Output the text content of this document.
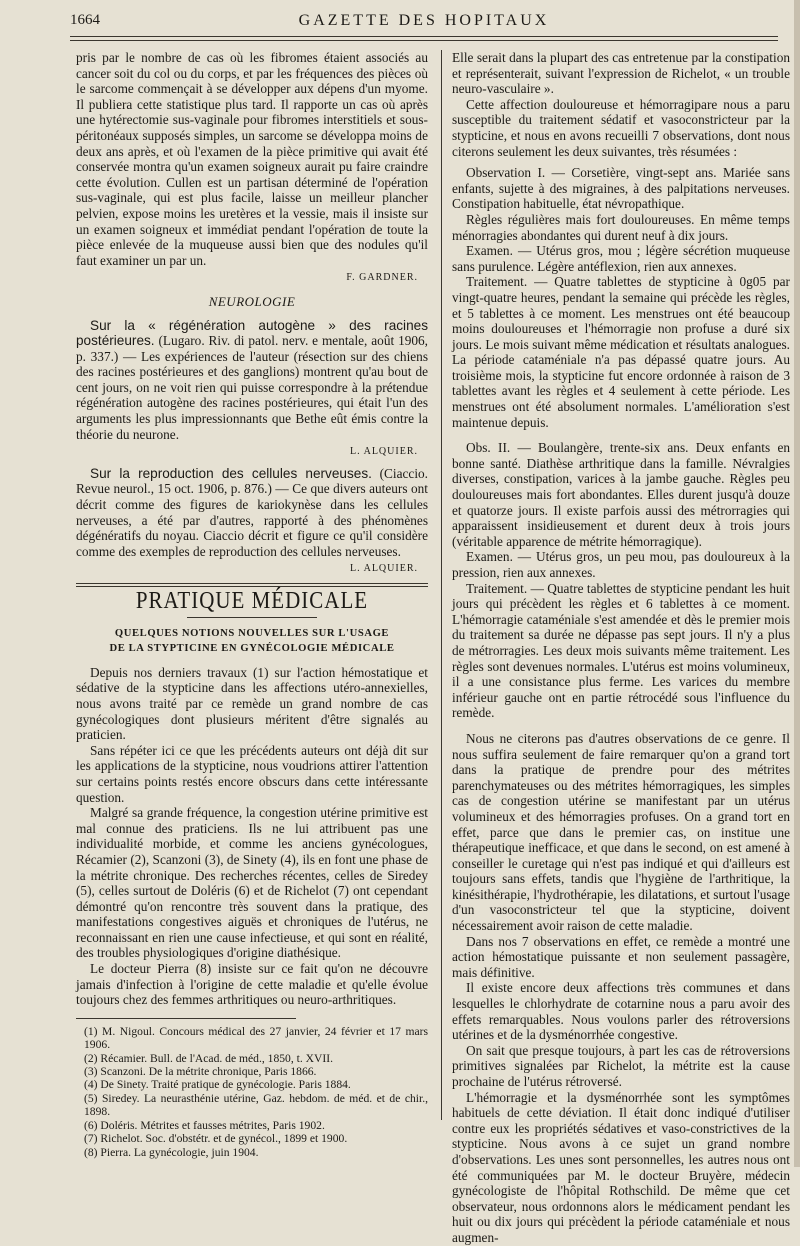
1664	GAZETTE DES HOPITAUX

pris par le nombre de cas où les fibromes étaient associés au cancer soit du col ou du corps, et par les fréquences des pièces où le sarcome commençait à se développer aux dépens d'un myome. Il publiera cette statistique plus tard. Il rapporte un cas où après une hytérectomie sus-vaginale pour fibromes interstitiels et sous-péritonéaux supposés simples, un sarcome se développa moins de deux ans après, et où l'examen de la pièce primitive qui avait été conservée montra qu'un examen soigneux aurait pu faire craindre cette évolution. Cullen est un partisan déterminé de l'opération sus-vaginale, qui est plus facile, laisse un meilleur plancher pelvien, expose moins les uretères et la vessie, mais il insiste sur un examen soigneux et immédiat pendant l'opération de toute la pièce enlevée de la muqueuse aussi bien que des nodules qu'il faut examiner un par un.

F. GARDNER.

NEUROLOGIE

Sur la « régénération autogène » des racines postérieures. (Lugaro. Riv. di patol. nerv. e mentale, août 1906, p. 337.) — Les expériences de l'auteur (résection sur des chiens des racines postérieures et des ganglions) montrent qu'au bout de cent jours, on ne voit rien qui puisse correspondre à la prétendue régénération autogène des racines postérieures, qui était l'un des arguments les plus impressionnants que Bethe eût émis contre la théorie du neurone.

L. ALQUIER.

Sur la reproduction des cellules nerveuses. (Ciaccio. Revue neurol., 15 oct. 1906, p. 876.) — Ce que divers auteurs ont décrit comme des figures de kariokynèse dans les cellules nerveuses, a été par d'autres, rapporté à des phénomènes dégénératifs du noyau. Ciaccio décrit et figure ce qu'il considère comme des exemples de reproduction des cellules nerveuses.

L. ALQUIER.

PRATIQUE MÉDICALE

QUELQUES NOTIONS NOUVELLES SUR L'USAGE

DE LA STYPTICINE EN GYNÉCOLOGIE MÉDICALE

Depuis nos derniers travaux (1) sur l'action hémostatique et sédative de la stypticine dans les affections utéro-annexielles, nous avons traité par ce remède un grand nombre de cas gynécologiques dont plusieurs méritent d'être signalés au praticien.

Sans répéter ici ce que les précédents auteurs ont déjà dit sur les applications de la stypticine, nous voudrions attirer l'attention sur certains points restés encore obscurs dans cette intéressante question.

Malgré sa grande fréquence, la congestion utérine primitive est mal connue des praticiens. Ils ne lui attribuent pas une individualité morbide, et comme les anciens gynécologues, Récamier (2), Scanzoni (3), de Sinety (4), ils en font une phase de la métrite chronique. Des recherches récentes, celles de Siredey (5), celles surtout de Doléris (6) et de Richelot (7) ont cependant démontré qu'on rencontre très souvent dans la pratique, des manifestations congestives aiguës et chroniques de l'utérus, ne reconnaissant en rien une cause infectieuse, et qui sont en réalité, des troubles physiologiques d'origine diathésique.

Le docteur Pierra (8) insiste sur ce fait qu'on ne découvre jamais d'infection à l'origine de cette maladie et qu'elle évolue toujours chez des femmes arthritiques ou neuro-arthritiques.

(1) M. Nigoul. Concours médical des 27 janvier, 24 février et 17 mars 1906.

(2) Récamier. Bull. de l'Acad. de méd., 1850, t. XVII.

(3) Scanzoni. De la métrite chronique, Paris 1866.

(4) De Sinety. Traité pratique de gynécologie. Paris 1884.

(5) Siredey. La neurasthénie utérine, Gaz. hebdom. de méd. et de chir., 1898.

(6) Doléris. Métrites et fausses métrites, Paris 1902.

(7) Richelot. Soc. d'obstétr. et de gynécol., 1899 et 1900.

(8) Pierra. La gynécologie, juin 1904.

Elle serait dans la plupart des cas entretenue par la constipation et représenterait, suivant l'expression de Richelot, « un trouble neuro-vasculaire ».

Cette affection douloureuse et hémorragipare nous a paru susceptible du traitement sédatif et vasoconstricteur par la stypticine, et nous en avons recueilli 7 observations, dont nous citerons seulement les deux suivantes, très résumées :

Observation I. — Corsetière, vingt-sept ans. Mariée sans enfants, sujette à des migraines, à des palpitations nerveuses. Constipation habituelle, état névropathique.

Règles régulières mais fort douloureuses. En même temps ménorragies abondantes qui durent neuf à dix jours.

Examen. — Utérus gros, mou ; légère sécrétion muqueuse sans purulence. Légère antéflexion, rien aux annexes.

Traitement. — Quatre tablettes de stypticine à 0g05 par vingt-quatre heures, pendant la semaine qui précède les règles, et 5 tablettes à ce moment. Les menstrues ont été beaucoup moins douloureuses et l'hémorragie non profuse a duré six jours. Le mois suivant même médication et résultats analogues. La période cataméniale n'a pas dépassé quatre jours. Au troisième mois, la stypticine fut encore ordonnée à raison de 3 tablettes avant les règles et 4 seulement à cette période. Les menstrues ont été absolument normales. L'amélioration s'est maintenue depuis.

Obs. II. — Boulangère, trente-six ans. Deux enfants en bonne santé. Diathèse arthritique dans la famille. Névralgies diverses, constipation, varices à la jambe gauche. Règles peu douloureuses mais fort abondantes. Elles durent jusqu'à douze et quatorze jours. Il existe parfois aussi des métrorragies qui apparaissent insidieusement et durent deux à trois jours (véritable apparence de métrite hémorragique).

Examen. — Utérus gros, un peu mou, pas douloureux à la pression, rien aux annexes.

Traitement. — Quatre tablettes de stypticine pendant les huit jours qui précèdent les règles et 6 tablettes à ce moment. L'hémorragie cataméniale s'est amendée et dès le premier mois du traitement sa durée ne dépasse pas sept jours. Il n'y a plus de métrorragies. Les deux mois suivants même traitement. Les règles sont devenues normales. L'utérus est moins volumineux, il a une consistance plus ferme. Les varices du membre inférieur gauche ont en partie rétrocédé sous l'influence du remède.

Nous ne citerons pas d'autres observations de ce genre. Il nous suffira seulement de faire remarquer qu'on a grand tort dans la pratique de prendre pour des métrites parenchymateuses ou des métrites hémorragiques, les simples cas de congestion utérine se manifestant par un utérus volumineux et des hémorragies profuses. On a grand tort en effet, parce que dans le premier cas, on institue une thérapeutique inefficace, et que dans le second, on est amené à conseiller le curetage qui n'est pas indiqué et qui d'ailleurs est toujours sans effets, tandis que l'hygiène de l'arthritique, la kinésithérapie, l'hydrothérapie, les dilatations, et surtout l'usage d'un vasoconstricteur tel que la stypticine, doivent nécessairement avoir raison de cette maladie.

Dans nos 7 observations en effet, ce remède a montré une action hémostatique puissante et non seulement passagère, mais définitive.

Il existe encore deux affections très communes et dans lesquelles le chlorhydrate de cotarnine nous a paru avoir des effets remarquables. Nous voulons parler des rétroversions utérines et de la dysménorrhée congestive.

On sait que presque toujours, à part les cas de rétroversions primitives signalées par Richelot, la métrite est la cause prochaine de l'utérus rétroversé.

L'hémorragie et la dysménorrhée sont les symptômes habituels de cette déviation. Il était donc indiqué d'utiliser contre eux les propriétés sédatives et vaso-constrictives de la stypticine. Nous avons à ce sujet un grand nombre d'observations. Les unes sont personnelles, les autres nous ont été communiquées par M. le docteur Bruyère, médecin gynécologiste de l'hôpital Rothschild. De même que cet observateur, nous ordonnons alors le médicament pendant les huit ou dix jours qui précèdent la période cataméniale et nous augmen-
